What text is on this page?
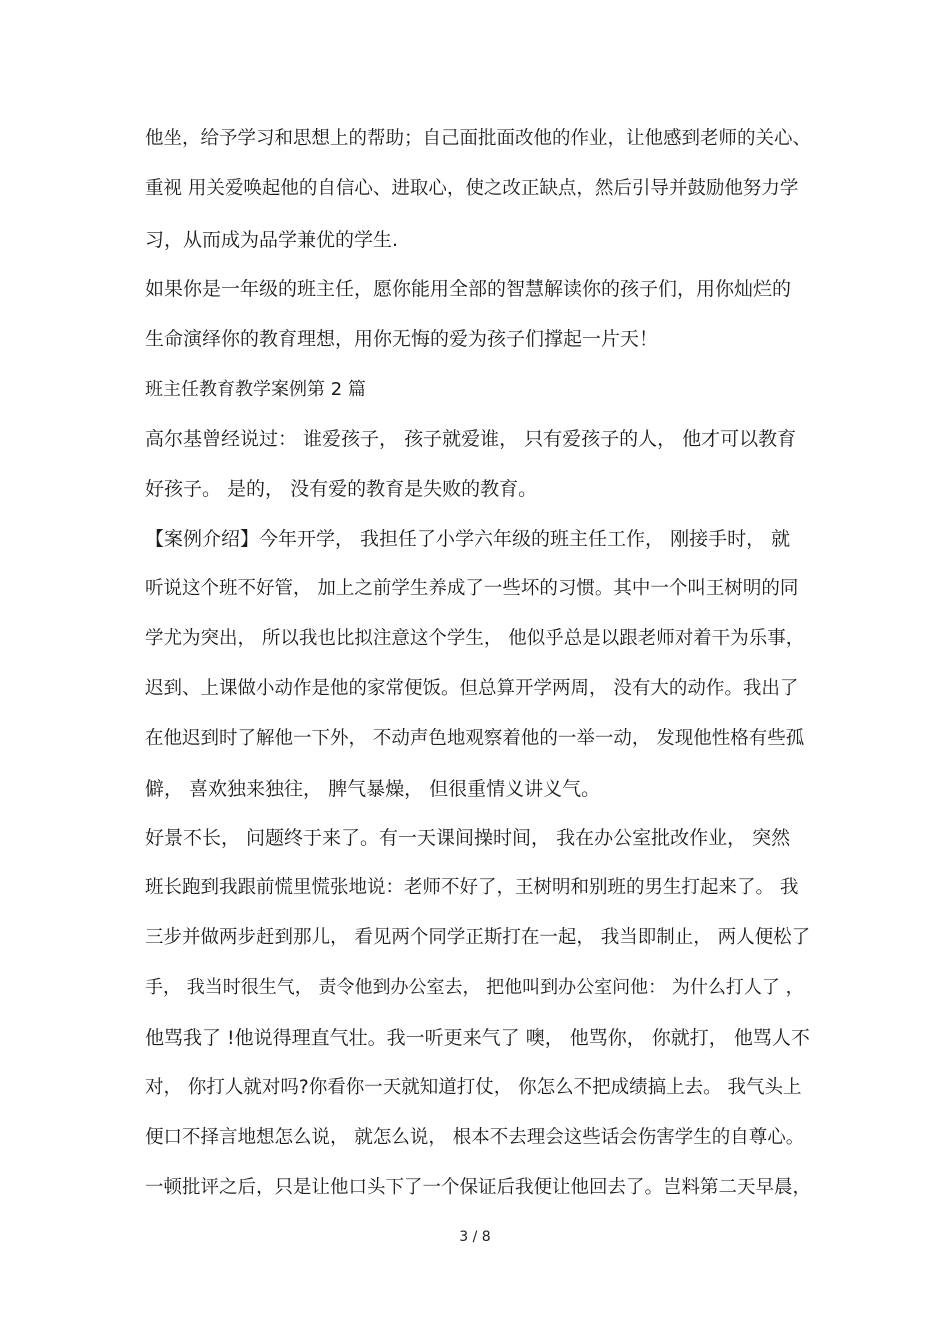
他坐，给予学习和思想上的帮助；自己面批面改他的作业，让他感到老师的关心、
重视 用关爱唤起他的自信心、进取心，使之改正缺点，然后引导并鼓励他努力学
习，从而成为品学兼优的学生.
如果你是一年级的班主任，愿你能用全部的智慧解读你的孩子们，用你灿烂的
生命演绎你的教育理想，用你无悔的爱为孩子们撑起一片天！
班主任教育教学案例第 2 篇
高尔基曾经说过： 谁爱孩子， 孩子就爱谁， 只有爱孩子的人， 他才可以教育
好孩子。 是的， 没有爱的教育是失败的教育。
【案例介绍】今年开学， 我担任了小学六年级的班主任工作， 刚接手时， 就
听说这个班不好管， 加上之前学生养成了一些坏的习惯。其中一个叫王树明的同
学尤为突出， 所以我也比拟注意这个学生， 他似乎总是以跟老师对着干为乐事，
迟到、上课做小动作是他的家常便饭。但总算开学两周， 没有大的动作。我出了
在他迟到时了解他一下外， 不动声色地观察着他的一举一动， 发现他性格有些孤
僻， 喜欢独来独往， 脾气暴燥， 但很重情义讲义气。
好景不长， 问题终于来了。有一天课间操时间， 我在办公室批改作业， 突然
班长跑到我跟前慌里慌张地说：老师不好了，王树明和别班的男生打起来了。 我
三步并做两步赶到那儿， 看见两个同学正斯打在一起， 我当即制止， 两人便松了
手， 我当时很生气， 责令他到办公室去， 把他叫到办公室问他： 为什么打人了 ，
他骂我了 !他说得理直气壮。我一听更来气了 噢， 他骂你， 你就打， 他骂人不
对， 你打人就对吗?你看你一天就知道打仗， 你怎么不把成绩搞上去。 我气头上
便口不择言地想怎么说， 就怎么说， 根本不去理会这些话会伤害学生的自尊心。
一顿批评之后，只是让他口头下了一个保证后我便让他回去了。岂料第二天早晨，
3 / 8
